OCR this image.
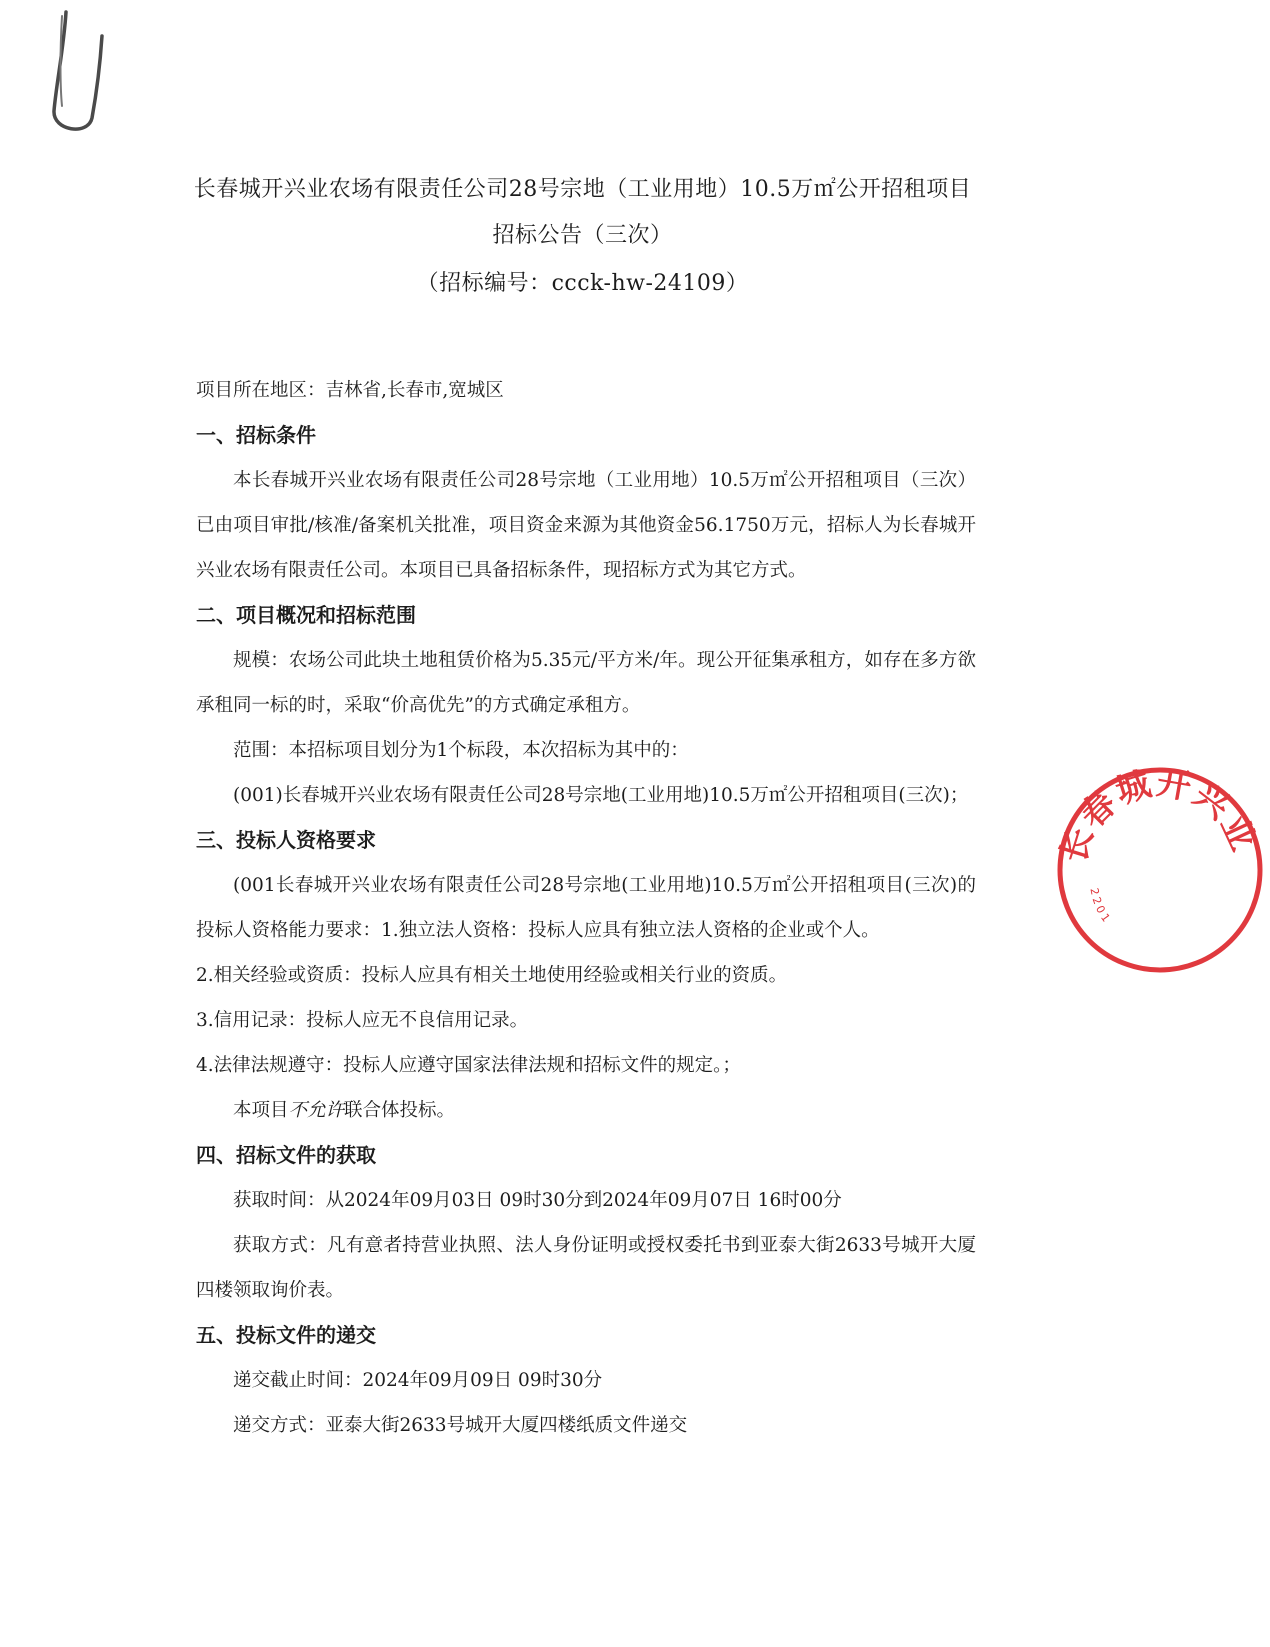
长春城开兴业农场有限责任公司28号宗地（工业用地）10.5万㎡公开招租项目
招标公告（三次）
（招标编号：ccck-hw-24109）
项目所在地区：吉林省,长春市,宽城区
一、招标条件

本长春城开兴业农场有限责任公司28号宗地（工业用地）10.5万㎡公开招租项目（三次）已由项目审批/核准/备案机关批准，项目资金来源为其他资金56.1750万元，招标人为长春城开兴业农场有限责任公司。本项目已具备招标条件，现招标方式为其它方式。

二、项目概况和招标范围

规模：农场公司此块土地租赁价格为5.35元/平方米/年。现公开征集承租方，如存在多方欲承租同一标的时，采取“价高优先”的方式确定承租方。

范围：本招标项目划分为1个标段，本次招标为其中的：

(001)长春城开兴业农场有限责任公司28号宗地(工业用地)10.5万㎡公开招租项目(三次)；

三、投标人资格要求

(001长春城开兴业农场有限责任公司28号宗地(工业用地)10.5万㎡公开招租项目(三次)的投标人资格能力要求：1.独立法人资格：投标人应具有独立法人资格的企业或个人。

2.相关经验或资质：投标人应具有相关土地使用经验或相关行业的资质。
3.信用记录：投标人应无不良信用记录。
4.法律法规遵守：投标人应遵守国家法律法规和招标文件的规定。；
本项目不允许联合体投标。
四、招标文件的获取
获取时间：从2024年09月03日 09时30分到2024年09月07日 16时00分

获取方式：凡有意者持营业执照、法人身份证明或授权委托书到亚泰大街2633号城开大厦四楼领取询价表。

五、投标文件的递交
递交截止时间：2024年09月09日 09时30分
递交方式：亚泰大街2633号城开大厦四楼纸质文件递交
长春城开兴业
2201
